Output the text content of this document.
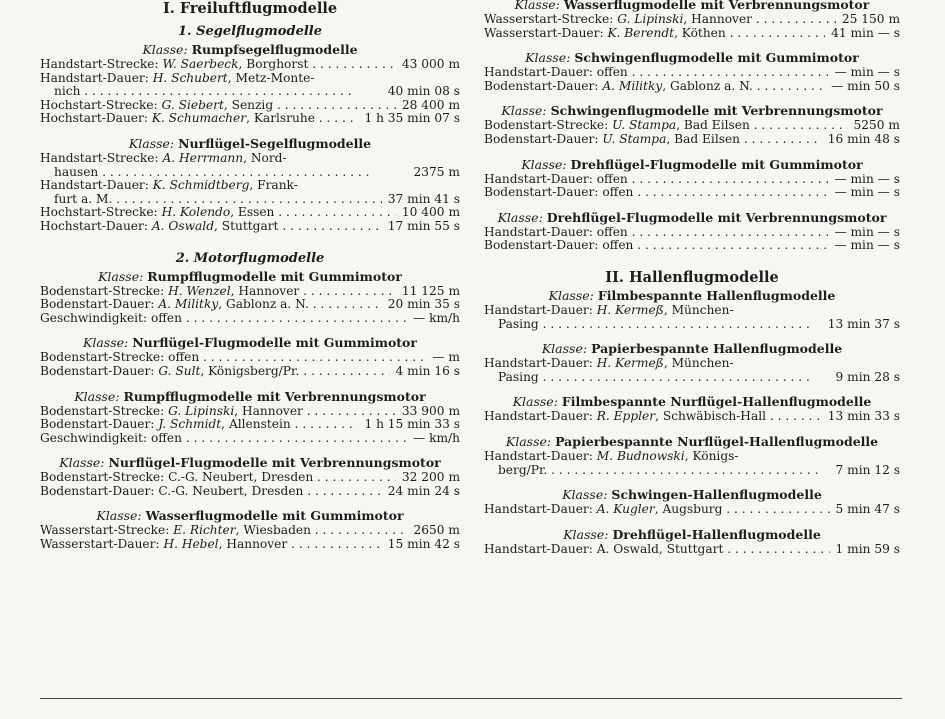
I. Freiluftflugmodelle
1. Segelflugmodelle
Klasse: Rumpfsegelflugmodelle
Handstart-Strecke: W. Saerbeck, Borghorst . . .	43 000 m
Handstart-Dauer: H. Schubert, Metz-Monte-
nich . . .	40 min 08 s
Hochstart-Strecke: G. Siebert, Senzig . . .	28 400 m
Hochstart-Dauer: K. Schumacher, Karlsruhe . . .	1 h 35 min 07 s
Klasse: Nurflügel-Segelflugmodelle
Handstart-Strecke: A. Herrmann, Nord-
hausen . . .	2375 m
Handstart-Dauer: K. Schmidtberg, Frank-
furt a. M. . . .	37 min 41 s
Hochstart-Strecke: H. Kolendo, Essen . . .	10 400 m
Hochstart-Dauer: A. Oswald, Stuttgart . . .	17 min 55 s
2. Motorflugmodelle
Klasse: Rumpfflugmodelle mit Gummimotor
Bodenstart-Strecke: H. Wenzel, Hannover . . .	11 125 m
Bodenstart-Dauer: A. Militky, Gablonz a. N. . . .	20 min 35 s
Geschwindigkeit: offen . . .	— km/h
Klasse: Nurflügel-Flugmodelle mit Gummimotor
Bodenstart-Strecke: offen . . .	— m
Bodenstart-Dauer: G. Sult, Königsberg/Pr. . . .	4 min 16 s
Klasse: Rumpfflugmodelle mit Verbrennungsmotor
Bodenstart-Strecke: G. Lipinski, Hannover . . .	33 900 m
Bodenstart-Dauer: J. Schmidt, Allenstein . . .	1 h 15 min 33 s
Geschwindigkeit: offen . . .	— km/h
Klasse: Nurflügel-Flugmodelle mit Verbrennungsmotor
Bodenstart-Strecke: C.-G. Neubert, Dresden . . .	32 200 m
Bodenstart-Dauer: C.-G. Neubert, Dresden . . .	24 min 24 s
Klasse: Wasserflugmodelle mit Gummimotor
Wasserstart-Strecke: E. Richter, Wiesbaden . . .	2650 m
Wasserstart-Dauer: H. Hebel, Hannover . . .	15 min 42 s
Klasse: Wasserflugmodelle mit Verbrennungsmotor
Wasserstart-Strecke: G. Lipinski, Hannover . . .	25 150 m
Wasserstart-Dauer: K. Berendt, Köthen . . .	41 min — s
Klasse: Schwingenflugmodelle mit Gummimotor
Handstart-Dauer: offen . . .	— min — s
Bodenstart-Dauer: A. Militky, Gablonz a. N. . . .	— min 50 s
Klasse: Schwingenflugmodelle mit Verbrennungsmotor
Bodenstart-Strecke: U. Stampa, Bad Eilsen . . .	5250 m
Bodenstart-Dauer: U. Stampa, Bad Eilsen . . .	16 min 48 s
Klasse: Drehflügel-Flugmodelle mit Gummimotor
Handstart-Dauer: offen . . .	— min — s
Bodenstart-Dauer: offen . . .	— min — s
Klasse: Drehflügel-Flugmodelle mit Verbrennungsmotor
Handstart-Dauer: offen . . .	— min — s
Bodenstart-Dauer: offen . . .	— min — s
II. Hallenflugmodelle
Klasse: Filmbespannte Hallenflugmodelle
Handstart-Dauer: H. Kermeß, München-
Pasing . . .	13 min 37 s
Klasse: Papierbespannte Hallenflugmodelle
Handstart-Dauer: H. Kermeß, München-
Pasing . . .	9 min 28 s
Klasse: Filmbespannte Nurflügel-Hallenflugmodelle
Handstart-Dauer: R. Eppler, Schwäbisch-Hall . . .	13 min 33 s
Klasse: Papierbespannte Nurflügel-Hallenflugmodelle
Handstart-Dauer: M. Budnowski, Königs-
berg/Pr. . . .	7 min 12 s
Klasse: Schwingen-Hallenflugmodelle
Handstart-Dauer: A. Kugler, Augsburg . . .	5 min 47 s
Klasse: Drehflügel-Hallenflugmodelle
Handstart-Dauer: A. Oswald, Stuttgart . . .	1 min 59 s
